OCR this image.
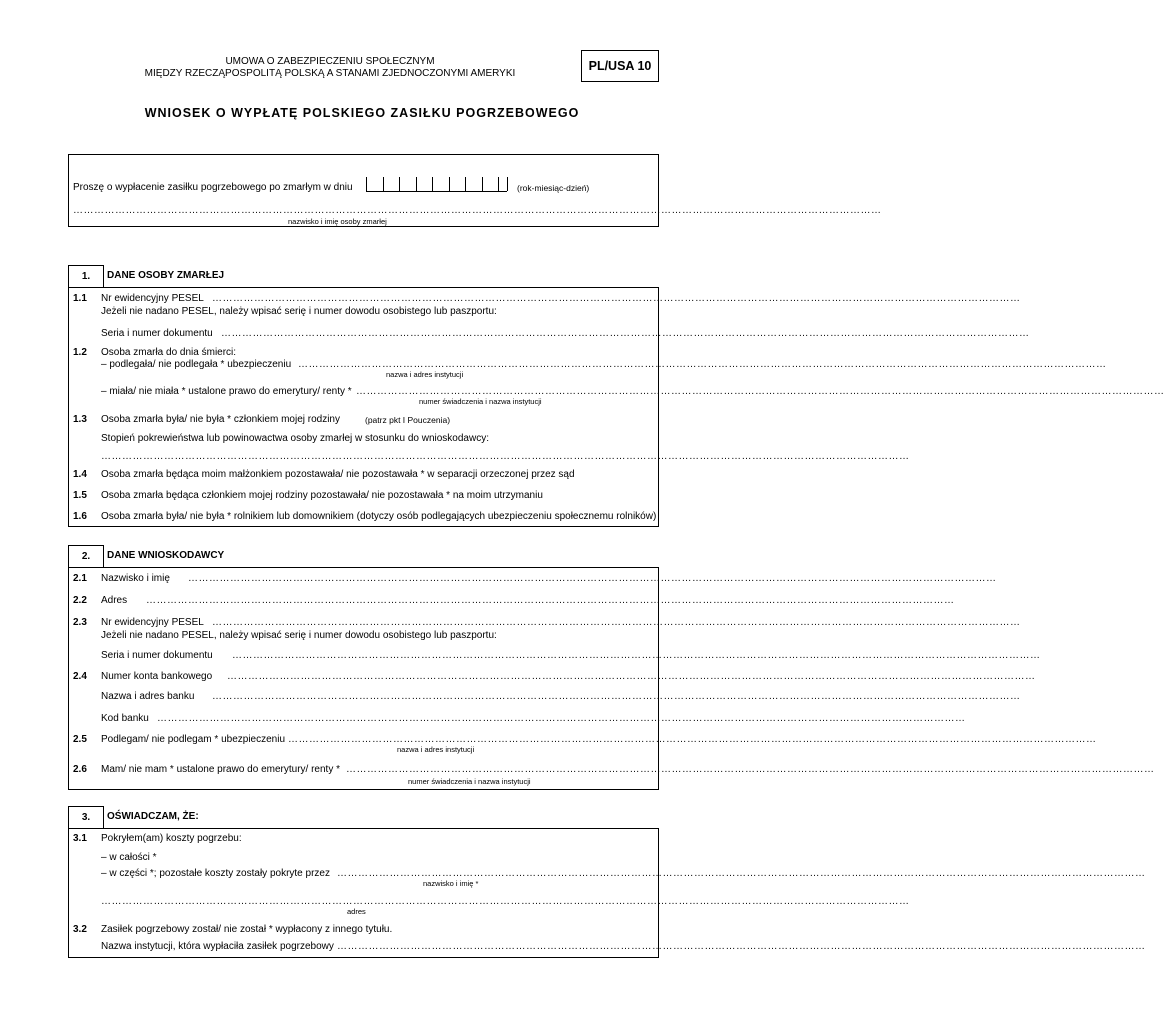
UMOWA O ZABEZPIECZENIU SPOŁECZNYM
MIĘDZY RZECZĄPOSPOLITĄ POLSKĄ A STANAMI ZJEDNOCZONYMI AMERYKI
PL/USA 10
WNIOSEK O WYPŁATĘ POLSKIEGO ZASIŁKU POGRZEBOWEGO
Proszę o wypłacenie zasiłku pogrzebowego po zmarłym w dniu	(rok-miesiąc-dzień)
……………………………………………………………………………………………………………………………………………………………………………………………………………
nazwisko i imię osoby zmarłej
1.	DANE OSOBY ZMARŁEJ
1.1 Nr ewidencyjny PESEL ……………………………………………………………………………………………………………………………………………………………………………………………………………
Jeżeli nie nadano PESEL, należy wpisać serię i numer dowodu osobistego lub paszportu:
Seria i numer dokumentu ……………………………………………………………………………………………………………………………………………………………………………………………………………
1.2 Osoba zmarła do dnia śmierci:
– podlegała/ nie podlegała * ubezpieczeniu ……………………………………………………………………………………………………………………………………………………………………………………………………………
nazwa i adres instytucji
– miała/ nie miała * ustalone prawo do emerytury/ renty * ……………………………………………………………………………………………………………………………………………………………………………………………………………
numer świadczenia i nazwa instytucji
1.3 Osoba zmarła była/ nie była * członkiem mojej rodziny	(patrz pkt I Pouczenia)
Stopień pokrewieństwa lub powinowactwa osoby zmarłej w stosunku do wnioskodawcy:
……………………………………………………………………………………………………………………………………………………………………………………………………………
1.4 Osoba zmarła będąca moim małżonkiem pozostawała/ nie pozostawała * w separacji orzeczonej przez sąd
1.5 Osoba zmarła będąca członkiem mojej rodziny pozostawała/ nie pozostawała * na moim utrzymaniu
1.6 Osoba zmarła była/ nie była * rolnikiem lub domownikiem (dotyczy osób podlegających ubezpieczeniu społecznemu rolników)
2.	DANE WNIOSKODAWCY
2.1 Nazwisko i imię ……………………………………………………………………………………………………………………………………………………………………………………………………………
2.2 Adres ……………………………………………………………………………………………………………………………………………………………………………………………………………
2.3 Nr ewidencyjny PESEL ……………………………………………………………………………………………………………………………………………………………………………………………………………
Jeżeli nie nadano PESEL, należy wpisać serię i numer dowodu osobistego lub paszportu:
Seria i numer dokumentu ……………………………………………………………………………………………………………………………………………………………………………………………………………
2.4 Numer konta bankowego ……………………………………………………………………………………………………………………………………………………………………………………………………………
Nazwa i adres banku ……………………………………………………………………………………………………………………………………………………………………………………………………………
Kod banku ……………………………………………………………………………………………………………………………………………………………………………………………………………
2.5 Podlegam/ nie podlegam * ubezpieczeniu ……………………………………………………………………………………………………………………………………………………………………………………………………………
nazwa i adres instytucji
2.6 Mam/ nie mam * ustalone prawo do emerytury/ renty * ……………………………………………………………………………………………………………………………………………………………………………………………………………
numer świadczenia i nazwa instytucji
3.	OŚWIADCZAM, ŻE:
3.1 Pokryłem(am) koszty pogrzebu:
– w całości *
– w części *; pozostałe koszty zostały pokryte przez ……………………………………………………………………………………………………………………………………………………………………………………………………………
nazwisko i imię *
……………………………………………………………………………………………………………………………………………………………………………………………………………
adres
3.2 Zasiłek pogrzebowy został/ nie został * wypłacony z innego tytułu.
Nazwa instytucji, która wypłaciła zasiłek pogrzebowy ……………………………………………………………………………………………………………………………………………………………………………………………………………
